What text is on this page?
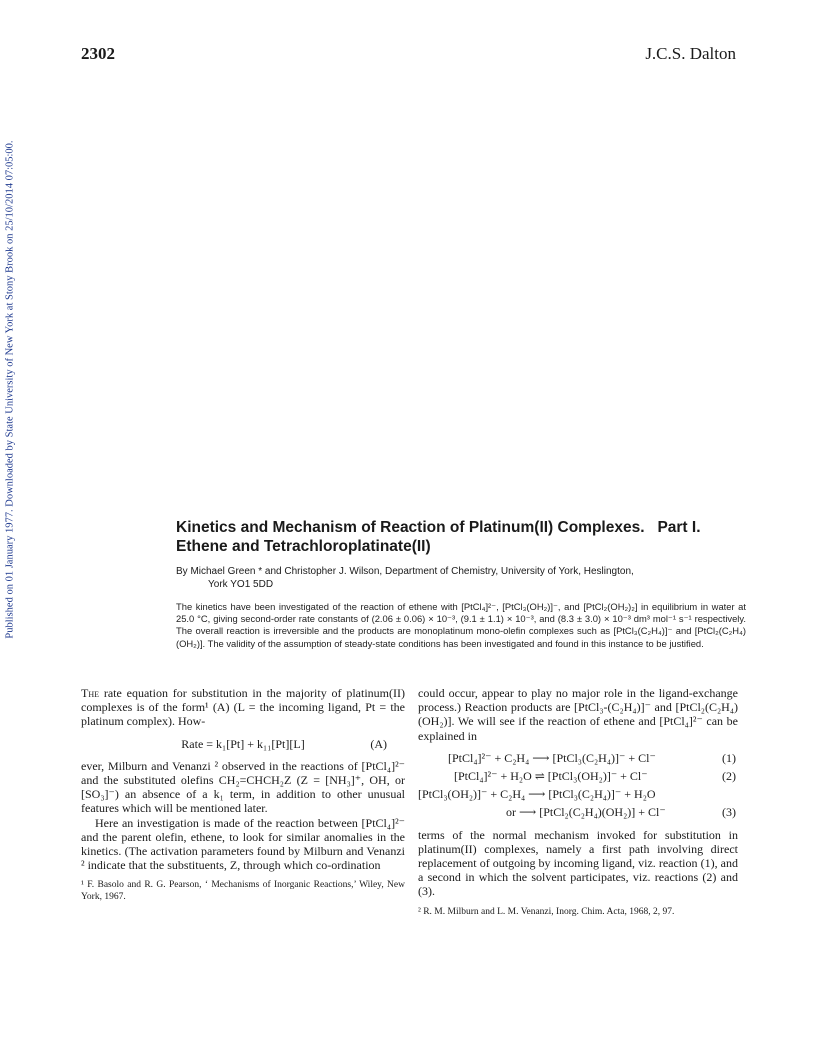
2302	J.C.S. Dalton
Published on 01 January 1977. Downloaded by State University of New York at Stony Brook on 25/10/2014 07:05:00.	Kinetics and Mechanism of Reaction of Platinum(II) Complexes.   Part I.
Ethene and Tetrachloroplatinate(II)
By Michael Green * and Christopher J. Wilson, Department of Chemistry, University of York, Heslington,
York YO1 5DD
The kinetics have been investigated of the reaction of ethene with [PtCl₄]²⁻, [PtCl₃(OH₂)]⁻, and [PtCl₂(OH₂)₂] in equilibrium in water at 25.0 °C, giving second-order rate constants of (2.06 ± 0.06) × 10⁻³, (9.1 ± 1.1) × 10⁻³, and (8.3 ± 3.0) × 10⁻³ dm³ mol⁻¹ s⁻¹ respectively. The overall reaction is irreversible and the products are monoplatinum mono-olefin complexes such as [PtCl₃(C₂H₄)]⁻ and [PtCl₂(C₂H₄)(OH₂)]. The validity of the assumption of steady-state conditions has been investigated and found in this instance to be justified.

The rate equation for substitution in the majority of platinum(II) complexes is of the form¹ (A) (L = the incoming ligand, Pt = the platinum complex). How-

Rate = k₁[Pt] + k₁₁[Pt][L]	(A)

ever, Milburn and Venanzi ² observed in the reactions of [PtCl₄]²⁻ and the substituted olefins CH₂=CHCH₂Z (Z = [NH₃]⁺, OH, or [SO₃]⁻) an absence of a k₁ term, in addition to other unusual features which will be mentioned later.

Here an investigation is made of the reaction between [PtCl₄]²⁻ and the parent olefin, ethene, to look for similar anomalies in the kinetics. (The activation parameters found by Milburn and Venanzi ² indicate that the substituents, Z, through which co-ordination

¹ F. Basolo and R. G. Pearson, ‘ Mechanisms of Inorganic Reactions,’ Wiley, New York, 1967.

could occur, appear to play no major role in the ligand-exchange process.) Reaction products are [PtCl₃-(C₂H₄)]⁻ and [PtCl₂(C₂H₄)(OH₂)]. We will see if the reaction of ethene and [PtCl₄]²⁻ can be explained in

[PtCl₄]²⁻ + C₂H₄ ⟶ [PtCl₃(C₂H₄)]⁻ + Cl⁻	(1)
[PtCl₄]²⁻ + H₂O ⇌ [PtCl₃(OH₂)]⁻ + Cl⁻	(2)
[PtCl₃(OH₂)]⁻ + C₂H₄ ⟶ [PtCl₃(C₂H₄)]⁻ + H₂O
or ⟶ [PtCl₂(C₂H₄)(OH₂)] + Cl⁻	(3)

terms of the normal mechanism invoked for substitution in platinum(II) complexes, namely a first path involving direct replacement of outgoing by incoming ligand, viz. reaction (1), and a second in which the solvent participates, viz. reactions (2) and (3).

² R. M. Milburn and L. M. Venanzi, Inorg. Chim. Acta, 1968, 2, 97.
